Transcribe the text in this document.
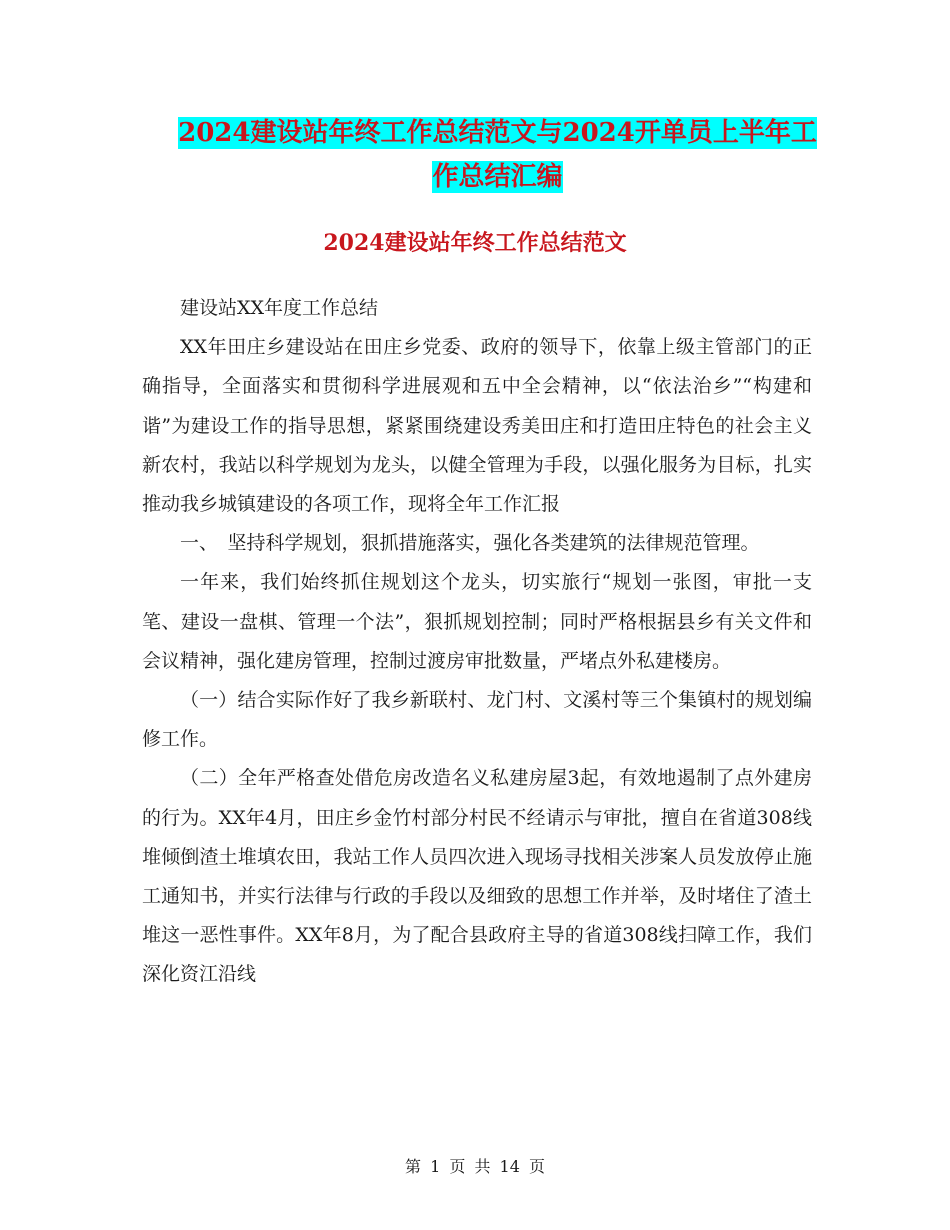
2024建设站年终工作总结范文与2024开单员上半年工
作总结汇编
2024建设站年终工作总结范文

建设站XX年度工作总结

XX年田庄乡建设站在田庄乡党委、政府的领导下，依靠上级主管部门的正确指导，全面落实和贯彻科学进展观和五中全会精神，以“依法治乡”“构建和谐”为建设工作的指导思想，紧紧围绕建设秀美田庄和打造田庄特色的社会主义新农村，我站以科学规划为龙头，以健全管理为手段，以强化服务为目标，扎实推动我乡城镇建设的各项工作，现将全年工作汇报

一、　坚持科学规划，狠抓措施落实，强化各类建筑的法律规范管理。

一年来，我们始终抓住规划这个龙头，切实旅行“规划一张图，审批一支笔、建设一盘棋、管理一个法”，狠抓规划控制；同时严格根据县乡有关文件和会议精神，强化建房管理，控制过渡房审批数量，严堵点外私建楼房。

（一）结合实际作好了我乡新联村、龙门村、文溪村等三个集镇村的规划编修工作。

（二）全年严格查处借危房改造名义私建房屋3起，有效地遏制了点外建房的行为。XX年4月，田庄乡金竹村部分村民不经请示与审批，擅自在省道308线堆倾倒渣土堆填农田，我站工作人员四次进入现场寻找相关涉案人员发放停止施工通知书，并实行法律与行政的手段以及细致的思想工作并举，及时堵住了渣土堆这一恶性事件。XX年8月，为了配合县政府主导的省道308线扫障工作，我们深化资江沿线

第 1 页 共 14 页
